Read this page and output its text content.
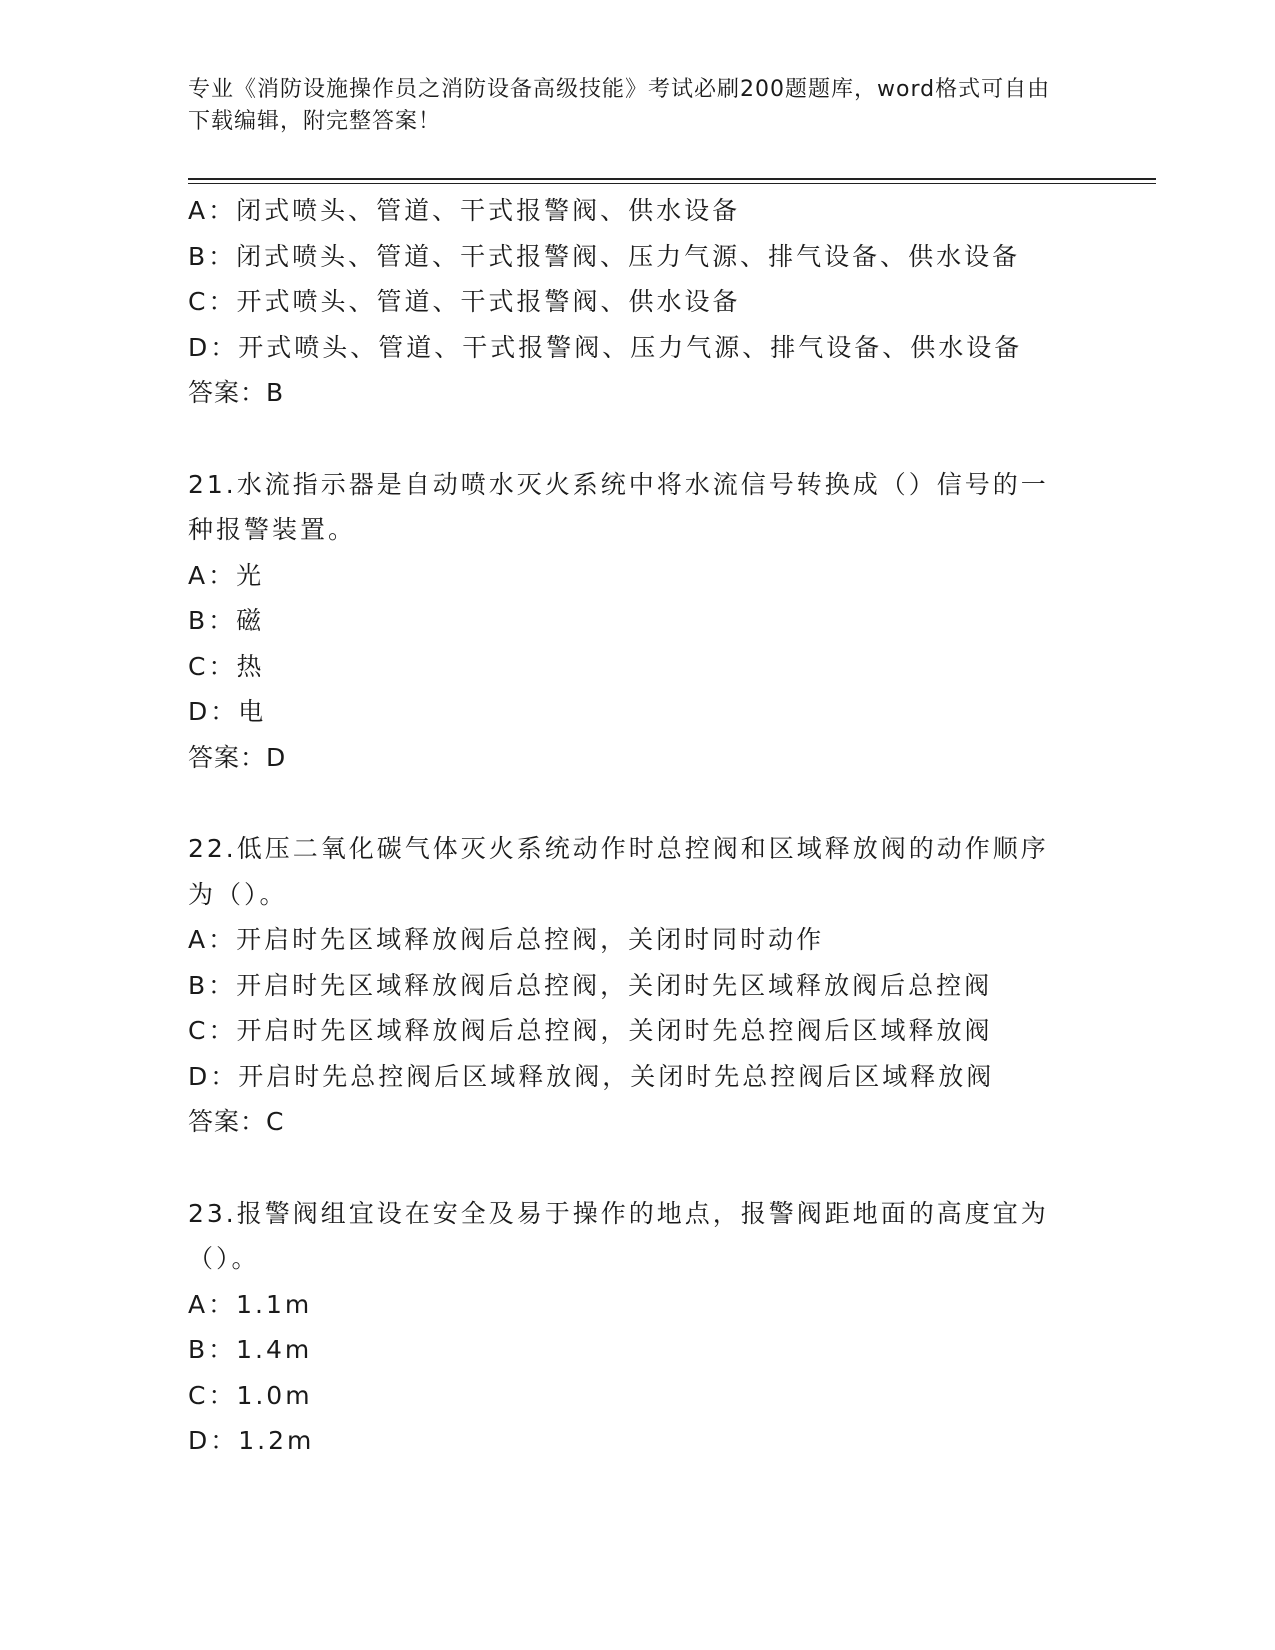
专业《消防设施操作员之消防设备高级技能》考试必刷200题题库，word格式可自由下载编辑，附完整答案！
A：闭式喷头、管道、干式报警阀、供水设备
B：闭式喷头、管道、干式报警阀、压力气源、排气设备、供水设备
C：开式喷头、管道、干式报警阀、供水设备
D：开式喷头、管道、干式报警阀、压力气源、排气设备、供水设备
答案：B
21.水流指示器是自动喷水灭火系统中将水流信号转换成（）信号的一
种报警装置。
A：光
B：磁
C：热
D：电
答案：D
22.低压二氧化碳气体灭火系统动作时总控阀和区域释放阀的动作顺序
为（）。
A：开启时先区域释放阀后总控阀，关闭时同时动作
B：开启时先区域释放阀后总控阀，关闭时先区域释放阀后总控阀
C：开启时先区域释放阀后总控阀，关闭时先总控阀后区域释放阀
D：开启时先总控阀后区域释放阀，关闭时先总控阀后区域释放阀
答案：C
23.报警阀组宜设在安全及易于操作的地点，报警阀距地面的高度宜为
（）。
A：1.1m
B：1.4m
C：1.0m
D：1.2m
